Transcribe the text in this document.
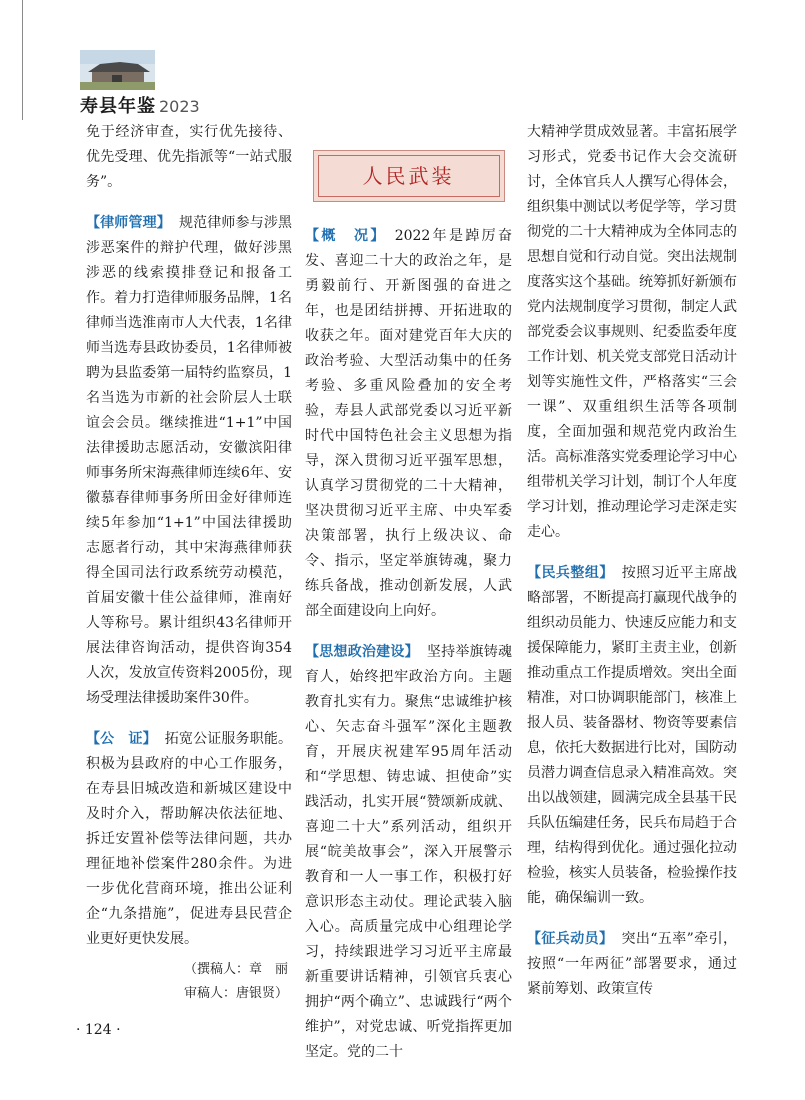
寿县年鉴 2023

免于经济审查，实行优先接待、优先受理、优先指派等“一站式服务”。

【律师管理】 规范律师参与涉黑涉恶案件的辩护代理，做好涉黑涉恶的线索摸排登记和报备工作。着力打造律师服务品牌，1名律师当选淮南市人大代表，1名律师当选寿县政协委员，1名律师被聘为县监委第一届特约监察员，1名当选为市新的社会阶层人士联谊会会员。继续推进“1+1”中国法律援助志愿活动，安徽滨阳律师事务所宋海燕律师连续6年、安徽慕春律师事务所田金好律师连续5年参加“1+1”中国法律援助志愿者行动，其中宋海燕律师获得全国司法行政系统劳动模范，首届安徽十佳公益律师，淮南好人等称号。累计组织43名律师开展法律咨询活动，提供咨询354人次，发放宣传资料2005份，现场受理法律援助案件30件。

【公　证】 拓宽公证服务职能。积极为县政府的中心工作服务，在寿县旧城改造和新城区建设中及时介入，帮助解决依法征地、拆迁安置补偿等法律问题，共办理征地补偿案件280余件。为进一步优化营商环境，推出公证利企“九条措施”，促进寿县民营企业更好更快发展。

（撰稿人：章　丽
审稿人：唐银贤）
人民武装

【概　况】 2022年是踔厉奋发、喜迎二十大的政治之年，是勇毅前行、开新图强的奋进之年，也是团结拼搏、开拓进取的收获之年。面对建党百年大庆的政治考验、大型活动集中的任务考验、多重风险叠加的安全考验，寿县人武部党委以习近平新时代中国特色社会主义思想为指导，深入贯彻习近平强军思想，认真学习贯彻党的二十大精神，坚决贯彻习近平主席、中央军委决策部署，执行上级决议、命令、指示，坚定举旗铸魂，聚力练兵备战，推动创新发展，人武部全面建设向上向好。

【思想政治建设】 坚持举旗铸魂育人，始终把牢政治方向。主题教育扎实有力。聚焦“忠诚维护核心、矢志奋斗强军”深化主题教育，开展庆祝建军95周年活动和“学思想、铸忠诚、担使命”实践活动，扎实开展“赞颂新成就、喜迎二十大”系列活动，组织开展“皖美故事会”，深入开展警示教育和一人一事工作，积极打好意识形态主动仗。理论武装入脑入心。高质量完成中心组理论学习，持续跟进学习习近平主席最新重要讲话精神，引领官兵衷心拥护“两个确立”、忠诚践行“两个维护”，对党忠诚、听党指挥更加坚定。党的二十

大精神学贯成效显著。丰富拓展学习形式，党委书记作大会交流研讨，全体官兵人人撰写心得体会，组织集中测试以考促学等，学习贯彻党的二十大精神成为全体同志的思想自觉和行动自觉。突出法规制度落实这个基础。统筹抓好新颁布党内法规制度学习贯彻，制定人武部党委会议事规则、纪委监委年度工作计划、机关党支部党日活动计划等实施性文件，严格落实“三会一课”、双重组织生活等各项制度，全面加强和规范党内政治生活。高标准落实党委理论学习中心组带机关学习计划，制订个人年度学习计划，推动理论学习走深走实走心。

【民兵整组】 按照习近平主席战略部署，不断提高打赢现代战争的组织动员能力、快速反应能力和支援保障能力，紧盯主责主业，创新推动重点工作提质增效。突出全面精准，对口协调职能部门，核准上报人员、装备器材、物资等要素信息，依托大数据进行比对，国防动员潜力调查信息录入精准高效。突出以战领建，圆满完成全县基干民兵队伍编建任务，民兵布局趋于合理，结构得到优化。通过强化拉动检验，核实人员装备，检验操作技能，确保编训一致。

【征兵动员】 突出“五率”牵引，按照“一年两征”部署要求，通过紧前筹划、政策宣传

· 124 ·
